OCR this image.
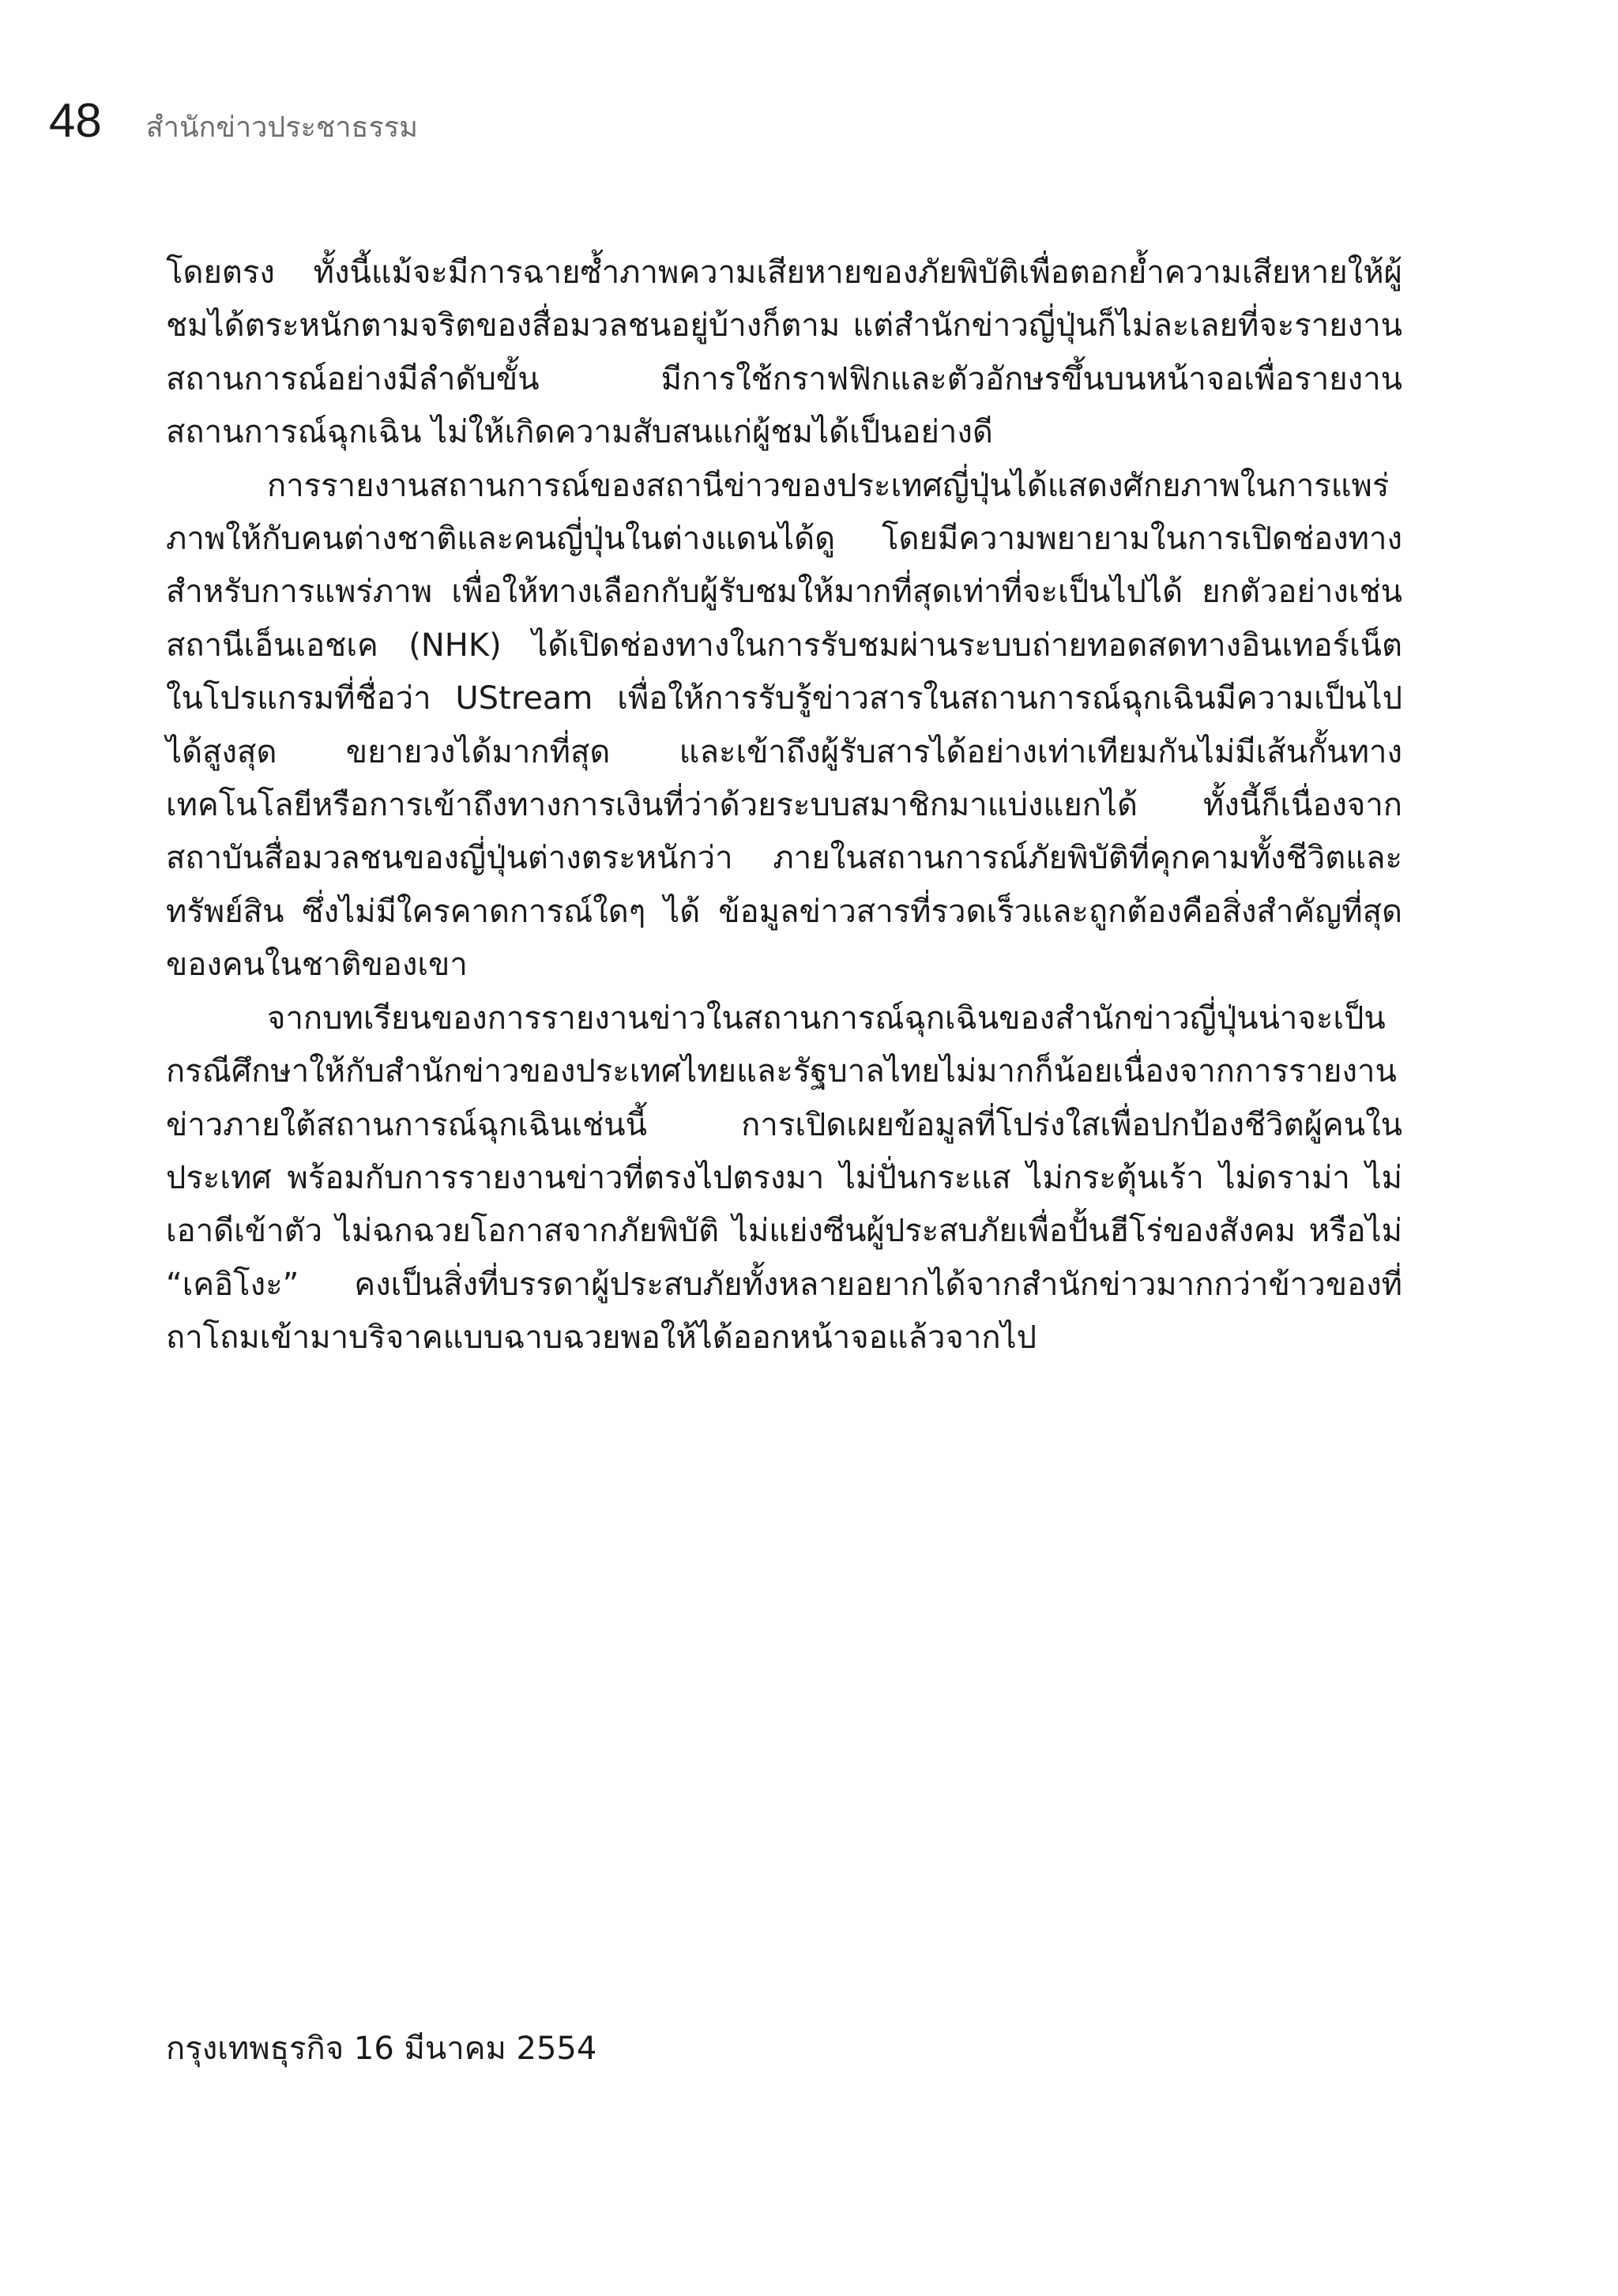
48 สำนักข่าวประชาธรรม

โดยตรง ทั้งนี้แม้จะมีการฉายซ้ำภาพความเสียหายของภัยพิบัติเพื่อตอกย้ำความเสียหายให้ผู้ชมได้ตระหนักตามจริตของสื่อมวลชนอยู่บ้างก็ตาม แต่สำนักข่าวญี่ปุ่นก็ไม่ละเลยที่จะรายงานสถานการณ์อย่างมีลำดับขั้น มีการใช้กราฟฟิกและตัวอักษรขึ้นบนหน้าจอเพื่อรายงานสถานการณ์ฉุกเฉิน ไม่ให้เกิดความสับสนแก่ผู้ชมได้เป็นอย่างดี

การรายงานสถานการณ์ของสถานีข่าวของประเทศญี่ปุ่นได้แสดงศักยภาพในการแพร่ภาพให้กับคนต่างชาติและคนญี่ปุ่นในต่างแดนได้ดู โดยมีความพยายามในการเปิดช่องทางสำหรับการแพร่ภาพ เพื่อให้ทางเลือกกับผู้รับชมให้มากที่สุดเท่าที่จะเป็นไปได้ ยกตัวอย่างเช่น สถานีเอ็นเอชเค (NHK) ได้เปิดช่องทางในการรับชมผ่านระบบถ่ายทอดสดทางอินเทอร์เน็ต ในโปรแกรมที่ชื่อว่า UStream เพื่อให้การรับรู้ข่าวสารในสถานการณ์ฉุกเฉินมีความเป็นไปได้สูงสุด ขยายวงได้มากที่สุด และเข้าถึงผู้รับสารได้อย่างเท่าเทียมกันไม่มีเส้นกั้นทางเทคโนโลยีหรือการเข้าถึงทางการเงินที่ว่าด้วยระบบสมาชิกมาแบ่งแยกได้ ทั้งนี้ก็เนื่องจากสถาบันสื่อมวลชนของญี่ปุ่นต่างตระหนักว่า ภายในสถานการณ์ภัยพิบัติที่คุกคามทั้งชีวิตและทรัพย์สิน ซึ่งไม่มีใครคาดการณ์ใดๆ ได้ ข้อมูลข่าวสารที่รวดเร็วและถูกต้องคือสิ่งสำคัญที่สุดของคนในชาติของเขา

จากบทเรียนของการรายงานข่าวในสถานการณ์ฉุกเฉินของสำนักข่าวญี่ปุ่นน่าจะเป็นกรณีศึกษาให้กับสำนักข่าวของประเทศไทยและรัฐบาลไทยไม่มากก็น้อยเนื่องจากการรายงานข่าวภายใต้สถานการณ์ฉุกเฉินเช่นนี้ การเปิดเผยข้อมูลที่โปร่งใสเพื่อปกป้องชีวิตผู้คนในประเทศ พร้อมกับการรายงานข่าวที่ตรงไปตรงมา ไม่ปั่นกระแส ไม่กระตุ้นเร้า ไม่ดราม่า ไม่เอาดีเข้าตัว ไม่ฉกฉวยโอกาสจากภัยพิบัติ ไม่แย่งซีนผู้ประสบภัยเพื่อปั้นฮีโร่ของสังคม หรือไม่ “เคอิโงะ” คงเป็นสิ่งที่บรรดาผู้ประสบภัยทั้งหลายอยากได้จากสำนักข่าวมากกว่าข้าวของที่ถาโถมเข้ามาบริจาคแบบฉาบฉวยพอให้ได้ออกหน้าจอแล้วจากไป

กรุงเทพธุรกิจ 16 มีนาคม 2554
